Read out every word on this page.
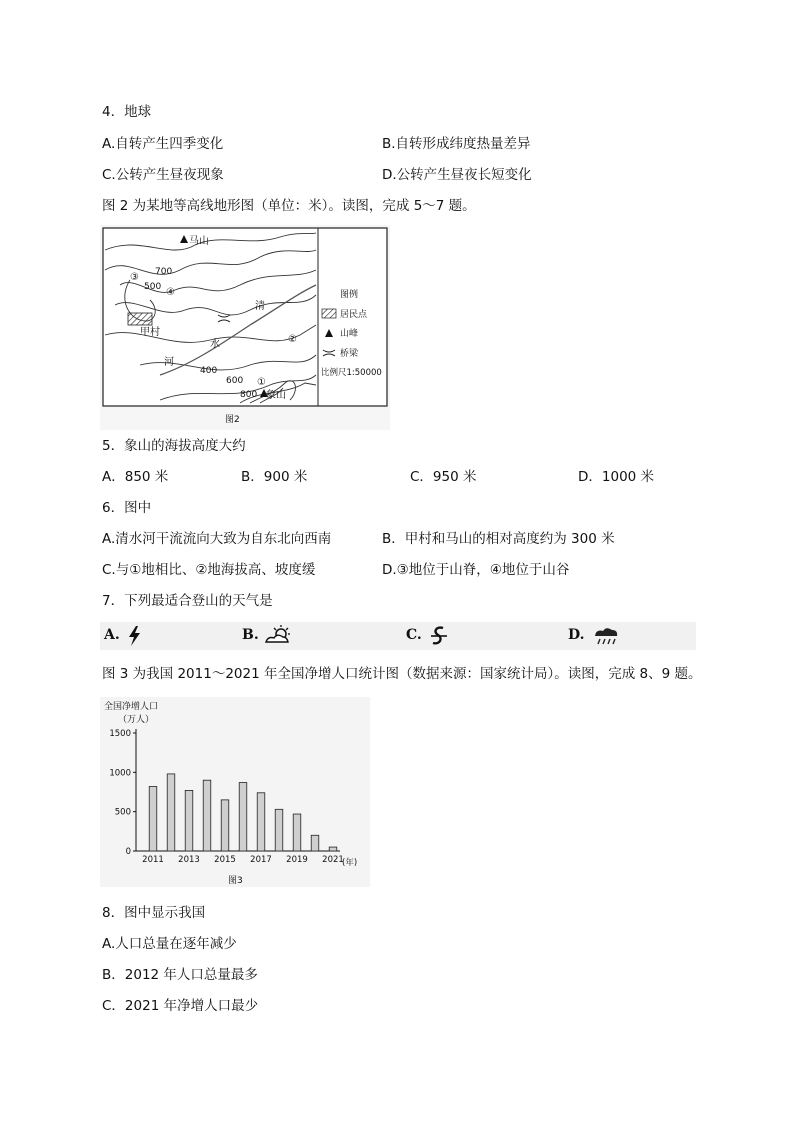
4．地球
A.自转产生四季变化	B.自转形成纬度热量差异
C.公转产生昼夜现象	D.公转产生昼夜长短变化
图 2 为某地等高线地形图（单位：米）。读图，完成 5～7 题。
马山
象山
甲村
700
500
400
600
800
河
水
清
①
②
③
④	图例
居民点
山峰
桥梁
比例尺1:50000
图2
5．象山的海拔高度大约
A．850 米	B．900 米	C．950 米	D．1000 米
6．图中
A.清水河干流流向大致为自东北向西南	B．甲村和马山的相对高度约为 300 米
C.与①地相比、②地海拔高、坡度缓	D.③地位于山脊，④地位于山谷
7．下列最适合登山的天气是
A.	B.	C.	D.
图 3 为我国 2011～2021 年全国净增人口统计图（数据来源：国家统计局）。读图，完成 8、9 题。
全国净增人口
（万人）
(年)
图3
0
500
1000
1500
2011 2013 2015 2017 2019 2021
8．图中显示我国
A.人口总量在逐年减少
B．2012 年人口总量最多
C．2021 年净增人口最少
